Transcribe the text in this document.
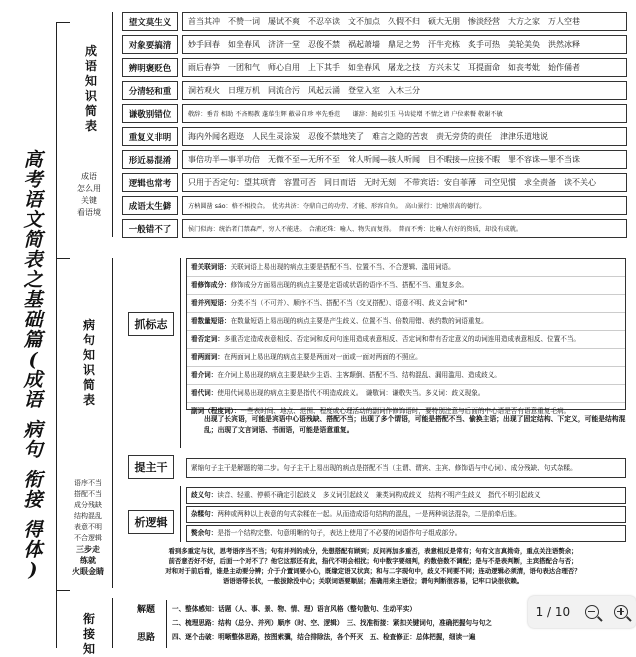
高
考
语
文
简
表
之
基
础
篇
(
成
语
病
句
衔
接
得
体
)
成
语
知
识
简
表
成语
怎么用
关键
看语境
望文莫生义	首当其冲　不赞一词　屡试不爽　不忍卒读　文不加点　久假不归　硕大无朋　惨淡经营　大方之家　万人空巷
对象要搞清	妙手回春　如坐春风　济济一堂　忍俊不禁　祸起萧墙　鼎足之势　汗牛充栋　炙手可热　美轮美奂　洪然冰释
辨明褒贬色	雨后春笋　一团和气　师心自用　上下其手　如坐春风　屠龙之技　方兴未艾　耳提面命　如丧考妣　始作俑者
分清轻和重	洞若观火　日理万机　同流合污　风起云涌　登堂入室　入木三分
谦敬别错位	敬辞：垂青 相助 不吝赐教 蓬荜生辉 敝帚自珍 率先垂范　　谦辞：抛砖引玉 马齿徒增 不情之请 户位素餐 敬谢不敏
重复义非明	海内外闻名遐迩　人民生灵涂炭　忍俊不禁地笑了　难言之隐的苦衷　责无旁贷的责任　津津乐道地说
形近易混淆	事倍功半—事半功倍　无微不至—无所不至　耸人听闻—骇人听闻　目不暇接—应接不暇　罪不容诛—罪不当诛
逻辑也常考	只用于否定句：望其项背　容置可否　同日而语　无时无刻　不带宾语：安自菲薄　司空见惯　求全责备　读不关心
成语太生僻	方枘圆凿 sáo：格不相投合。　优劣共济：夺鼎自己的功劳、才能、形容自负。　高山景行：比喻崇高的德行。
一般错不了	侯门似海：统治者门禁森严，穷人不能进。　合浦还珠：喻人、物失而复得。　普而不秀：比喻人有好的资质，却没有成就。
病
句
知
识
简
表
语序不当
搭配不当
成分残缺
结构混乱
表意不明
不合逻辑
三步走
练就
火眼金睛
抓标志
看关联词语：关联词语上易出现的病点主要是搭配不当、位置不当、不合逻辑、滥用词语。
看修饰成分：修饰成分方面易出现的病点主要是定语或状语的语序不当、搭配不当、重复多余。
看并列短语：分类不当（不可并）、顺序不当、搭配不当（交叉搭配）、语意不明、歧义会词"和"
看数量短语：在数量短语上易出现的病点主要是产生歧义、位置不当、倍数用错、表约数的词语重复。
看否定词：多重否定造成表意相反、否定词和反问句连用造成表意相反、否定词和带有否定意义的动词连用造成表意相反、位置不当。
看两面词：在两面词上易出现的病点主要是两面对一面或一面对两面的不照应。
看介词：在介词上易出现的病点主要是缺少主语、主客颠倒、搭配不当、结构混乱、漏用滥用、造成歧义。
看代词：使用代词易出现的病点主要是指代不明造成歧义。　谦敬词：谦敬失当。多义词：歧义现象。
副词（程度词）：一些表时间、地点、范围、程度或心理活动的副词作修饰语时，要特别注意与后面的中心语是否有语意重复毛病。
出现了长宾语，可能是宾语中心语残缺、搭配不当；出现了多个谓语，可能是搭配不当、偷换主语；出现了固定结构、下定义，可能是结构混乱；出现了文言词语、书面语，可能是语意重复。
提主干	紧缩句子主干是解题的第二步。句子主干上易出现的病点是搭配不当（主谓、谓宾、主宾、修饰语与中心词）、成分残缺、句式杂糅。
析逻辑
歧义句：读音、轻重、停顿不确定引起歧义　多义词引起歧义　兼类词构成歧义　结构不明产生歧义　指代不明引起歧义
杂糅句：两种或两种以上表意的句式杂糅在一起。从而造成语句结构的混乱，一是两种说法混杂，二是前牵后连。
赘余句：是指一个结构完整、句意明晰的句子，表达上使用了不必要的词语作句子组成部分。
看到多重定与状，思考语序当不当；句有并列的成分，先想搭配有顾到；反问再加多重否，表意相反是常有；句有文言真拗奇，重点关注语赘余；
前否意否好不好，后面一个对不了？他它这那还有此，指代不明会相扰；句中数字要细判，约数倍数不调配；是与不是表判断，主宾搭配合与否；
对和对于前后看，谁是主动要分辨；介于介置词要小心，既缘定语又状宾；和与二字现句中，歧义不同要不同；连动逻辑必须清，语句表达合理否？
语语语带长状，一般拔除没中心；关联词语要顺层；准确用来主语位；谓句判断很容易，记牢口诀很依赖。
衔
接
知
解题
思路
一、整体感知：话题（人、事、景、物、情、理）语言风格（整句散句、生动平实）
二、梳理思路：结构（总分、并列）顺序（时、空、逻辑）　三、找准衔接：紧扣关键词句，准确把握句与句之
四、逐个击破：明晰整体思路，按图索骥，结合排除法，各个歼灭　五、检查修正：总体把握，细读一遍
1 / 10
